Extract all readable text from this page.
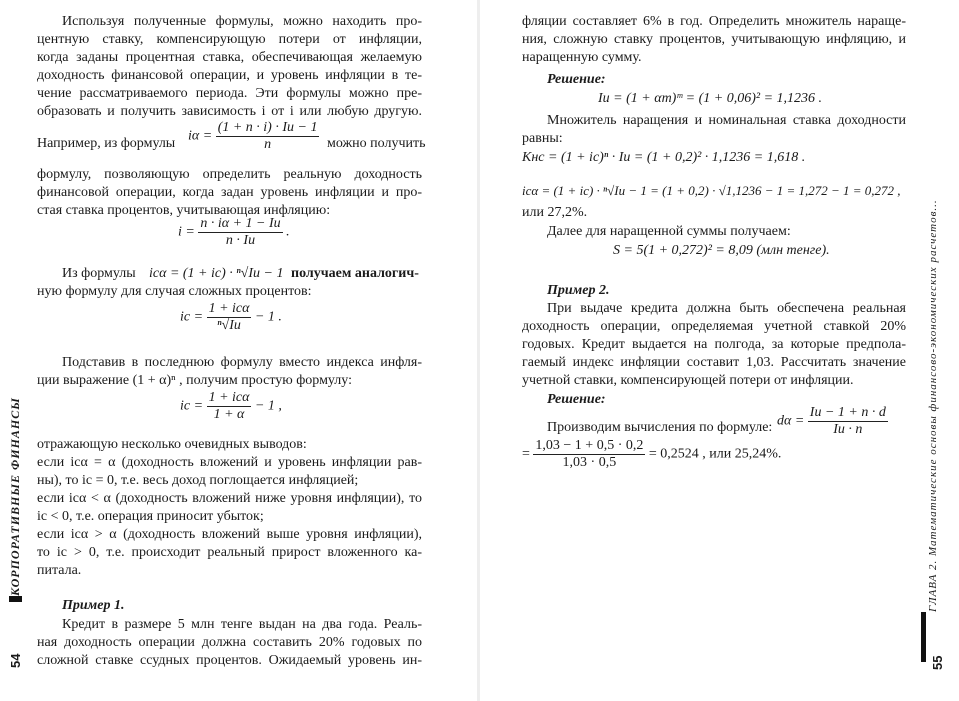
КОРПОРАТИВНЫЕ ФИНАНСЫ
54

Используя полученные формулы, можно находить про-

центную ставку, компенсирующую потери от инфляции,

когда заданы процентная ставка, обеспечивающая желаемую

доходность финансовой операции, и уровень инфляции в те-

чение рассматриваемого периода. Эти формулы можно пре-

образовать и получить зависимость i от i или любую другую.

Например, из формулы $i\alpha = \frac{(1 + n \cdot i) \cdot Iи - 1}{n}$ можно получить

формулу, позволяющую определить реальную доходность

финансовой операции, когда задан уровень инфляции и про-

стая ставка процентов, учитывающая инфляцию:

$i = \frac{n \cdot i\alpha + 1 - Iи}{n \cdot Iи}$ .

Из формулы iсα = (1 + iс) · ⁿ√Iи − 1 получаем аналогич-

ную формулу для случая сложных процентов:

iс = $\frac{\text{1 + iсα}}{\text{ⁿ√Iи}} - 1$ .

Подставив в последнюю формулу вместо индекса инфля-

ции выражение (1 + α)ⁿ , получим простую формулу:

iс = $\frac{\text{1 + iсα}}{1 + \alpha} - 1$ ,

отражающую несколько очевидных выводов:

если iсα = α (доходность вложений и уровень инфляции рав-

ны), то iс = 0, т.е. весь доход поглощается инфляцией;

если iсα < α (доходность вложений ниже уровня инфляции), то

iс < 0, т.е. операция приносит убыток;

если iсα > α (доходность вложений выше уровня инфляции),

то iс > 0, т.е. происходит реальный прирост вложенного ка-

питала.

Пример 1.

Кредит в размере 5 млн тенге выдан на два года. Реаль-

ная доходность операции должна составить 20% годовых по

сложной ставке ссудных процентов. Ожидаемый уровень ин-

фляции составляет 6% в год. Определить множитель наращe-

ния, сложную ставку процентов, учитывающую инфляцию, и

наращенную сумму.

Решение:

Iи = (1 + αm)ᵐ = (1 + 0,06)² = 1,1236 .

Множитель наращения и номинальная ставка доходности

равны:

Kнс = (1 + iс)ⁿ · Iи = (1 + 0,2)² · 1,1236 = 1,618 .
iсα = (1 + iс) · ⁿ√Iи − 1 = (1 + 0,2) · √1,1236 − 1 = 1,272 − 1 = 0,272 ,

или 27,2%.

Далее для наращенной суммы получаем:

S = 5(1 + 0,272)² = 8,09 (млн тенге).

Пример 2.

При выдаче кредита должна быть обеспечена реальная

доходность операции, определяемая учетной ставкой 20%

годовых. Кредит выдается на полгода, за которые предпола-

гаемый индекс инфляции составит 1,03. Рассчитать значение

учетной ставки, компенсирующей потери от инфляции.

Решение:

Производим вычисления по формуле: $d\alpha = \frac{Iи - 1 + n \cdot d}{Iи \cdot n}$
= $\frac{1,03 - 1 + 0,5 \cdot 0,2}{1,03 \cdot 0,5} = 0,2524$ , или 25,24%.	ГЛАВА 2. Математические основы финансово-экономических расчетов...
55
